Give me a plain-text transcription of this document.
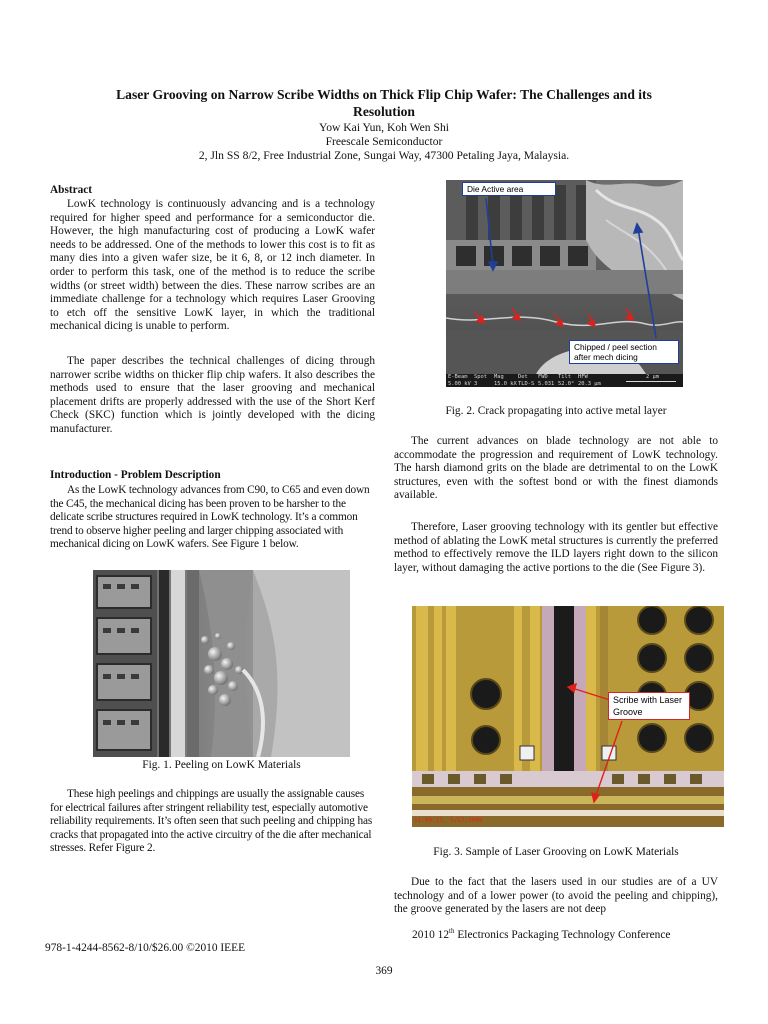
Laser Grooving on Narrow Scribe Widths on Thick Flip Chip Wafer: The Challenges and its
Resolution
Yow Kai Yun, Koh Wen Shi
Freescale Semiconductor
2, Jln SS 8/2, Free Industrial Zone, Sungai Way, 47300 Petaling Jaya, Malaysia.
Abstract
LowK technology is continuously advancing and is a technology required for higher speed and performance for a semiconductor die. However, the high manufacturing cost of producing a LowK wafer needs to be addressed. One of the methods to lower this cost is to fit as many dies into a given wafer size, be it 6, 8, or 12 inch diameter. In order to perform this task, one of the method is to reduce the scribe widths (or street width) between the dies. These narrow scribes are an immediate challenge for a technology which requires Laser Grooving to etch off the sensitive LowK layer, in which the traditional mechanical dicing is unable to perform.
The paper describes the technical challenges of dicing through narrower scribe widths on thicker flip chip wafers. It also describes the methods used to ensure that the laser grooving and mechanical placement drifts are properly addressed with the use of the Short Kerf Check (SKC) function which is jointly developed with the dicing manufacturer.
Introduction - Problem Description
As the LowK technology advances from C90, to C65 and even down the C45, the mechanical dicing has been proven to be harsher to the delicate scribe structures required in LowK technology. It’s a common trend to observe higher peeling and larger chipping associated with mechanical dicing on LowK wafers. See Figure 1 below.
Fig. 1. Peeling on LowK Materials
These high peelings and chippings are usually the assignable causes for electrical failures after stringent reliability test, especially automotive reliability requirements. It’s often seen that such peeling and chipping has cracks that propagated into the active circuitry of the die after mechanical stresses. Refer Figure 2.
Die Active area
Chipped / peel section after mech dicing
E-Beam Spot Mag	Det FWD Tilt HFW	2 µm
5.00 kV 3	15.0 kX TLD-S 5.031 52.0° 20.3 µm
Fig. 2. Crack propagating into active metal layer
The current advances on blade technology are not able to accommodate the progression and requirement of LowK technology. The harsh diamond grits on the blade are detrimental to on the LowK structures, even with the softest bond or with the finest diamonds available.
Therefore, Laser grooving technology with its gentler but effective method of ablating the LowK metal structures is currently the preferred method to effectively remove the ILD layers right down to the silicon layer, without damaging the active portions to the die (See Figure 3).
Scribe with Laser Groove
11:09:13, 5/27/2009
Fig. 3. Sample of Laser Grooving on LowK Materials
Due to the fact that the lasers used in our studies are of a UV technology and of a lower power (to avoid the peeling and chipping), the groove generated by the lasers are not deep
2010 12th Electronics Packaging Technology Conference
978-1-4244-8562-8/10/$26.00 ©2010 IEEE
369
